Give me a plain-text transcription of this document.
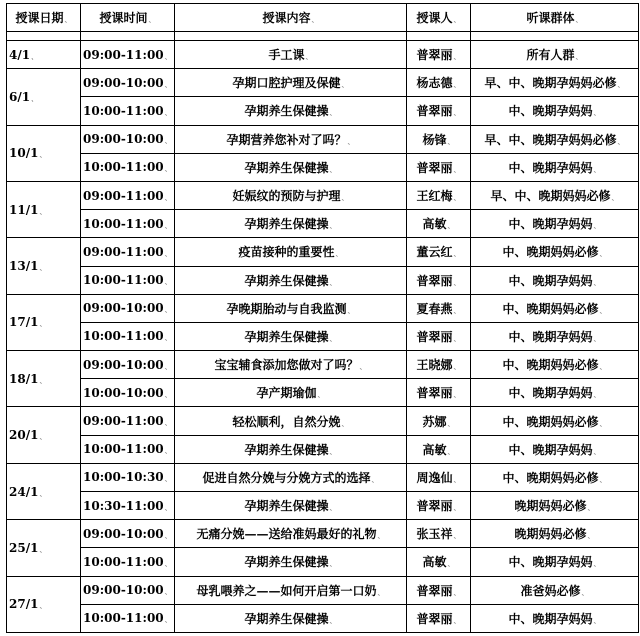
授课日期、	授课时间、	授课内容、	授课人、	听课群体、

4/1、	09:00-11:00、	手工课、	普翠丽、	所有人群、
6/1、	09:00-10:00、	孕期口腔护理及保健、	杨志德、	早、中、晚期孕妈妈必修、
	10:00-11:00、	孕期养生保健操、	普翠丽、	中、晚期孕妈妈、
10/1、	09:00-10:00、	孕期营养您补对了吗？、	杨锋、	早、中、晚期孕妈妈必修、
	10:00-11:00、	孕期养生保健操、	普翠丽、	中、晚期孕妈妈、
11/1、	09:00-11:00、	妊娠纹的预防与护理、	王红梅、	早、中、晚期妈妈必修、
	10:00-11:00、	孕期养生保健操、	高敏、	中、晚期孕妈妈、
13/1、	09:00-11:00、	疫苗接种的重要性、	董云红、	中、晚期妈妈必修、
	10:00-11:00、	孕期养生保健操、	普翠丽、	中、晚期孕妈妈、
17/1、	09:00-10:00、	孕晚期胎动与自我监测、	夏春燕、	中、晚期妈妈必修、
	10:00-11:00、	孕期养生保健操、	普翠丽、	中、晚期孕妈妈、
18/1、	09:00-10:00、	宝宝辅食添加您做对了吗？、	王晓娜、	中、晚期妈妈必修、
	10:00-10:00、	孕产期瑜伽、	普翠丽、	中、晚期孕妈妈、
20/1、	09:00-11:00、	轻松顺利，自然分娩、	苏娜、	中、晚期妈妈必修、
	10:00-11:00、	孕期养生保健操、	高敏、	中、晚期孕妈妈、
24/1、	10:00-10:30、	促进自然分娩与分娩方式的选择、	周逸仙、	中、晚期妈妈必修、
	10:30-11:00、	孕期养生保健操、	普翠丽、	晚期妈妈必修、
25/1、	09:00-10:00、	无痛分娩——送给准妈最好的礼物、	张玉祥、	晚期妈妈必修、
	10:00-11:00、	孕期养生保健操、	高敏、	中、晚期孕妈妈、
27/1、	09:00-10:00、	母乳喂养之——如何开启第一口奶、	普翠丽、	准爸妈必修、
	10:00-11:00、	孕期养生保健操、	普翠丽、	中、晚期孕妈妈、
